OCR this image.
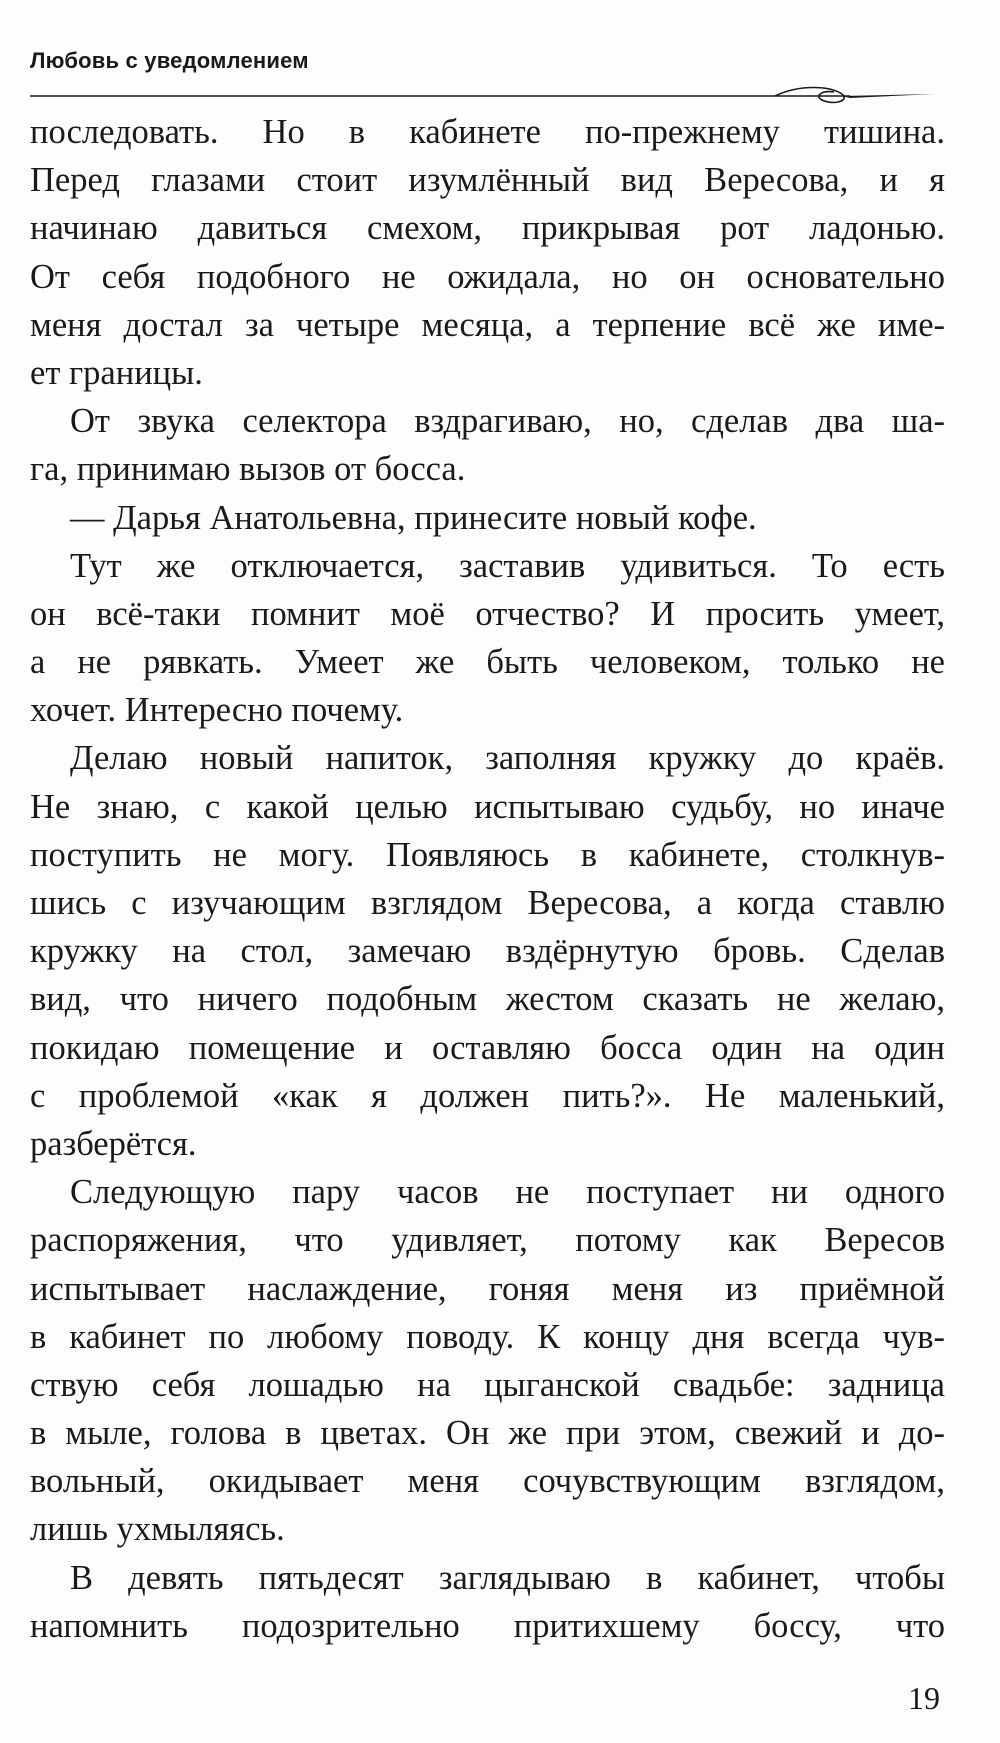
Любовь с уведомлением
последовать. Но в кабинете по-прежнему тишина.
Перед глазами стоит изумлённый вид Вересова, и я
начинаю давиться смехом, прикрывая рот ладонью.
От себя подобного не ожидала, но он основательно
меня достал за четыре месяца, а терпение всё же име-
ет границы.
От звука селектора вздрагиваю, но, сделав два ша-
га, принимаю вызов от босса.
— Дарья Анатольевна, принесите новый кофе.
Тут же отключается, заставив удивиться. То есть
он всё-таки помнит моё отчество? И просить умеет,
а не рявкать. Умеет же быть человеком, только не
хочет. Интересно почему.
Делаю новый напиток, заполняя кружку до краёв.
Не знаю, с какой целью испытываю судьбу, но иначе
поступить не могу. Появляюсь в кабинете, столкнув-
шись с изучающим взглядом Вересова, а когда ставлю
кружку на стол, замечаю вздёрнутую бровь. Сделав
вид, что ничего подобным жестом сказать не желаю,
покидаю помещение и оставляю босса один на один
с проблемой «как я должен пить?». Не маленький,
разберётся.
Следующую пару часов не поступает ни одного
распоряжения, что удивляет, потому как Вересов
испытывает наслаждение, гоняя меня из приёмной
в кабинет по любому поводу. К концу дня всегда чув-
ствую себя лошадью на цыганской свадьбе: задница
в мыле, голова в цветах. Он же при этом, свежий и до-
вольный, окидывает меня сочувствующим взглядом,
лишь ухмыляясь.
В девять пятьдесят заглядываю в кабинет, чтобы
напомнить подозрительно притихшему боссу, что
19
